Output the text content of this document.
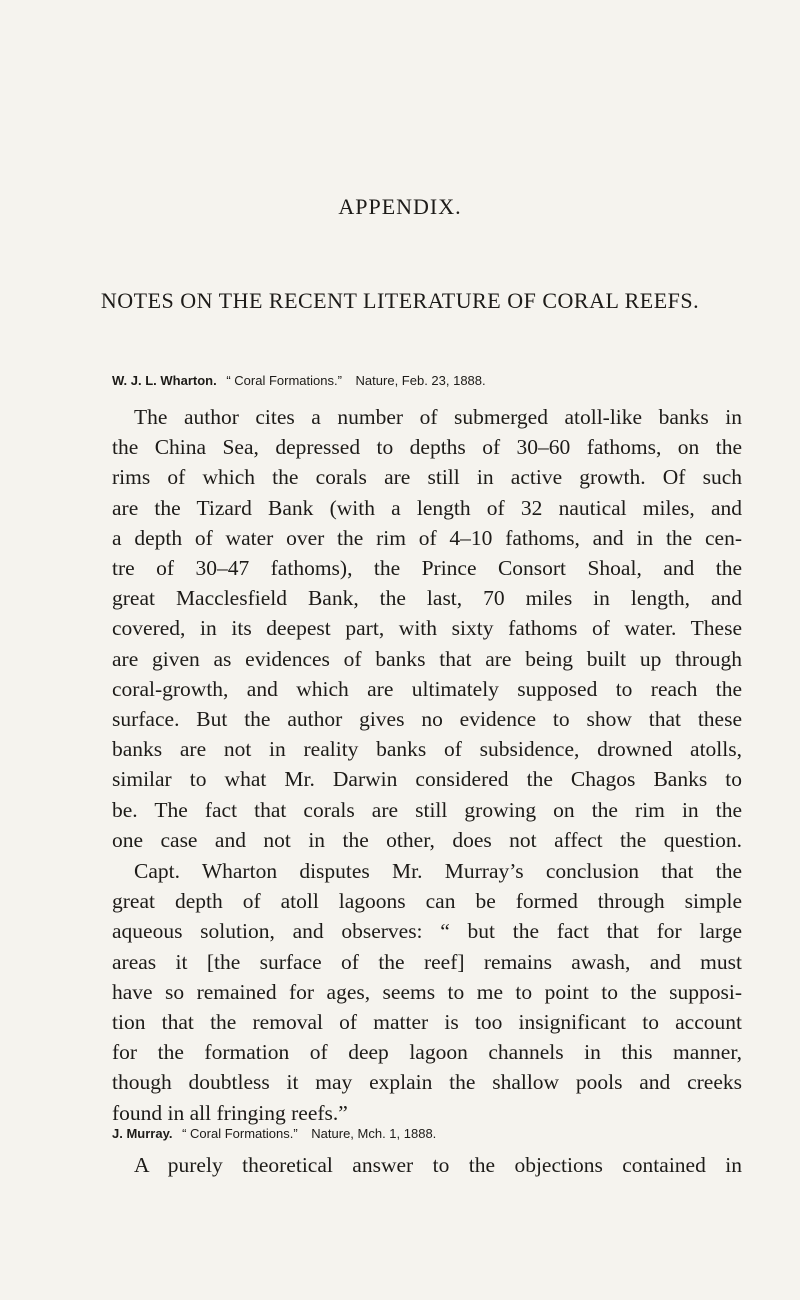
APPENDIX.
NOTES ON THE RECENT LITERATURE OF CORAL REEFS.
W. J. L. Wharton. “ Coral Formations.” Nature, Feb. 23, 1888.
The author cites a number of submerged atoll-like banks in
the China Sea, depressed to depths of 30–60 fathoms, on the
rims of which the corals are still in active growth. Of such
are the Tizard Bank (with a length of 32 nautical miles, and
a depth of water over the rim of 4–10 fathoms, and in the cen-
tre of 30–47 fathoms), the Prince Consort Shoal, and the
great Macclesfield Bank, the last, 70 miles in length, and
covered, in its deepest part, with sixty fathoms of water. These
are given as evidences of banks that are being built up through
coral-growth, and which are ultimately supposed to reach the
surface. But the author gives no evidence to show that these
banks are not in reality banks of subsidence, drowned atolls,
similar to what Mr. Darwin considered the Chagos Banks to
be. The fact that corals are still growing on the rim in the
one case and not in the other, does not affect the question.
Capt. Wharton disputes Mr. Murray’s conclusion that the
great depth of atoll lagoons can be formed through simple
aqueous solution, and observes: “ but the fact that for large
areas it [the surface of the reef] remains awash, and must
have so remained for ages, seems to me to point to the supposi-
tion that the removal of matter is too insignificant to account
for the formation of deep lagoon channels in this manner,
though doubtless it may explain the shallow pools and creeks
found in all fringing reefs.”
J. Murray. “ Coral Formations.” Nature, Mch. 1, 1888.
A purely theoretical answer to the objections contained in
